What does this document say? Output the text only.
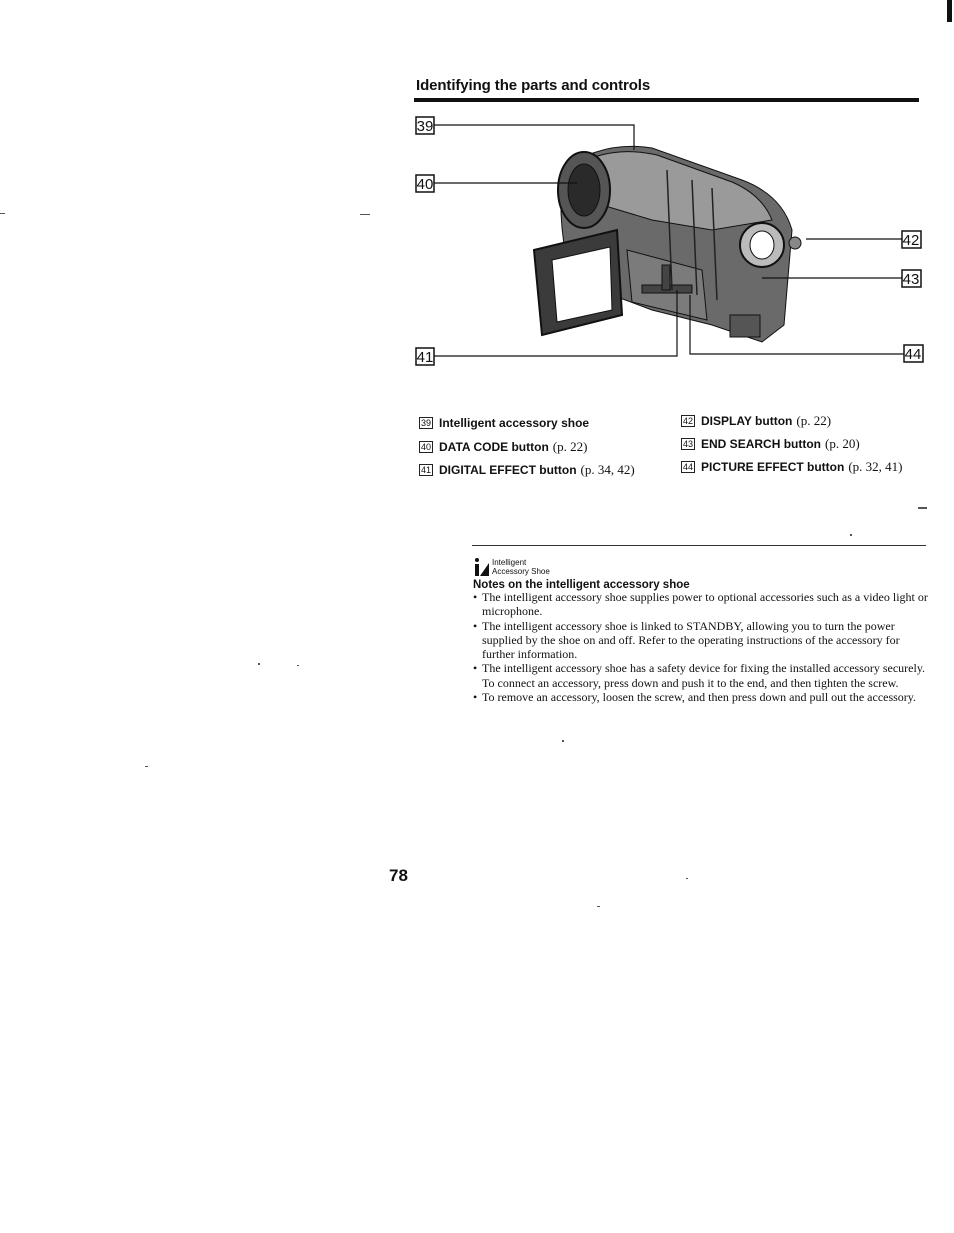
Identifying the parts and controls
39
40
41
42
43
44
39 Intelligent accessory shoe
40 DATA CODE button (p. 22)
41 DIGITAL EFFECT button (p. 34, 42)
42 DISPLAY button (p. 22)
43 END SEARCH button (p. 20)
44 PICTURE EFFECT button (p. 32, 41)
Intelligent
Accessory Shoe
Notes on the intelligent accessory shoe
• The intelligent accessory shoe supplies power to optional accessories such as a video light or microphone.
• The intelligent accessory shoe is linked to STANDBY, allowing you to turn the power supplied by the shoe on and off. Refer to the operating instructions of the accessory for further information.
• The intelligent accessory shoe has a safety device for fixing the installed accessory securely. To connect an accessory, press down and push it to the end, and then tighten the screw.
• To remove an accessory, loosen the screw, and then press down and pull out the accessory.
78
